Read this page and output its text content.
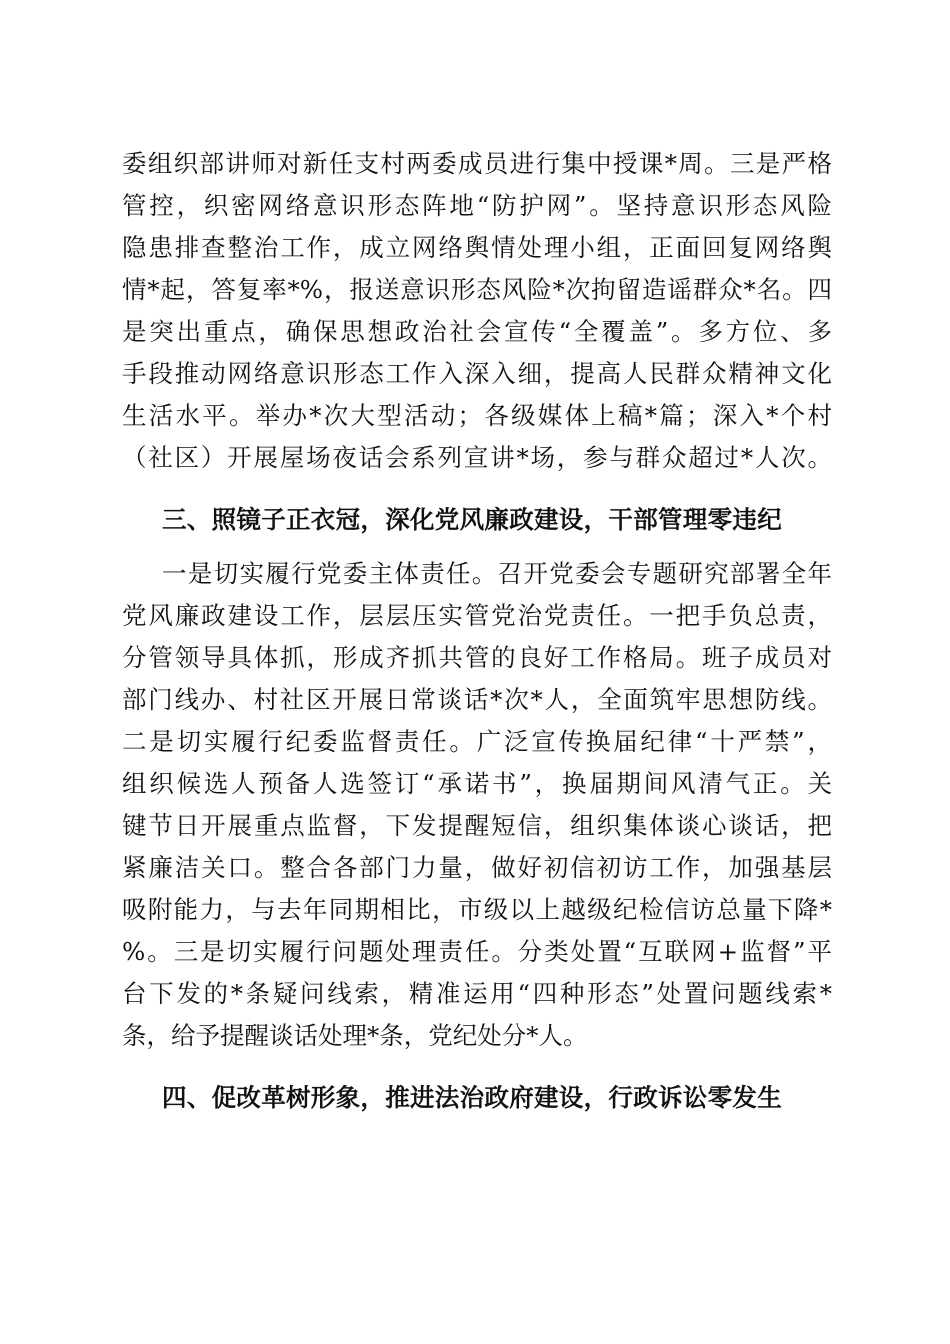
委组织部讲师对新任支村两委成员进行集中授课*周。三是严格
管控，织密网络意识形态阵地“防护网”。坚持意识形态风险
隐患排查整治工作，成立网络舆情处理小组，正面回复网络舆
情*起，答复率*%，报送意识形态风险*次拘留造谣群众*名。四
是突出重点，确保思想政治社会宣传“全覆盖”。多方位、多
手段推动网络意识形态工作入深入细，提高人民群众精神文化
生活水平。举办*次大型活动；各级媒体上稿*篇；深入*个村
（社区）开展屋场夜话会系列宣讲*场，参与群众超过*人次。
三、照镜子正衣冠，深化党风廉政建设，干部管理零违纪
一是切实履行党委主体责任。召开党委会专题研究部署全年
党风廉政建设工作，层层压实管党治党责任。一把手负总责，
分管领导具体抓，形成齐抓共管的良好工作格局。班子成员对
部门线办、村社区开展日常谈话*次*人，全面筑牢思想防线。
二是切实履行纪委监督责任。广泛宣传换届纪律“十严禁”，
组织候选人预备人选签订“承诺书”，换届期间风清气正。关
键节日开展重点监督，下发提醒短信，组织集体谈心谈话，把
紧廉洁关口。整合各部门力量，做好初信初访工作，加强基层
吸附能力，与去年同期相比，市级以上越级纪检信访总量下降*
%。三是切实履行问题处理责任。分类处置“互联网+监督”平
台下发的*条疑问线索，精准运用“四种形态”处置问题线索*
条，给予提醒谈话处理*条，党纪处分*人。
四、促改革树形象，推进法治政府建设，行政诉讼零发生
